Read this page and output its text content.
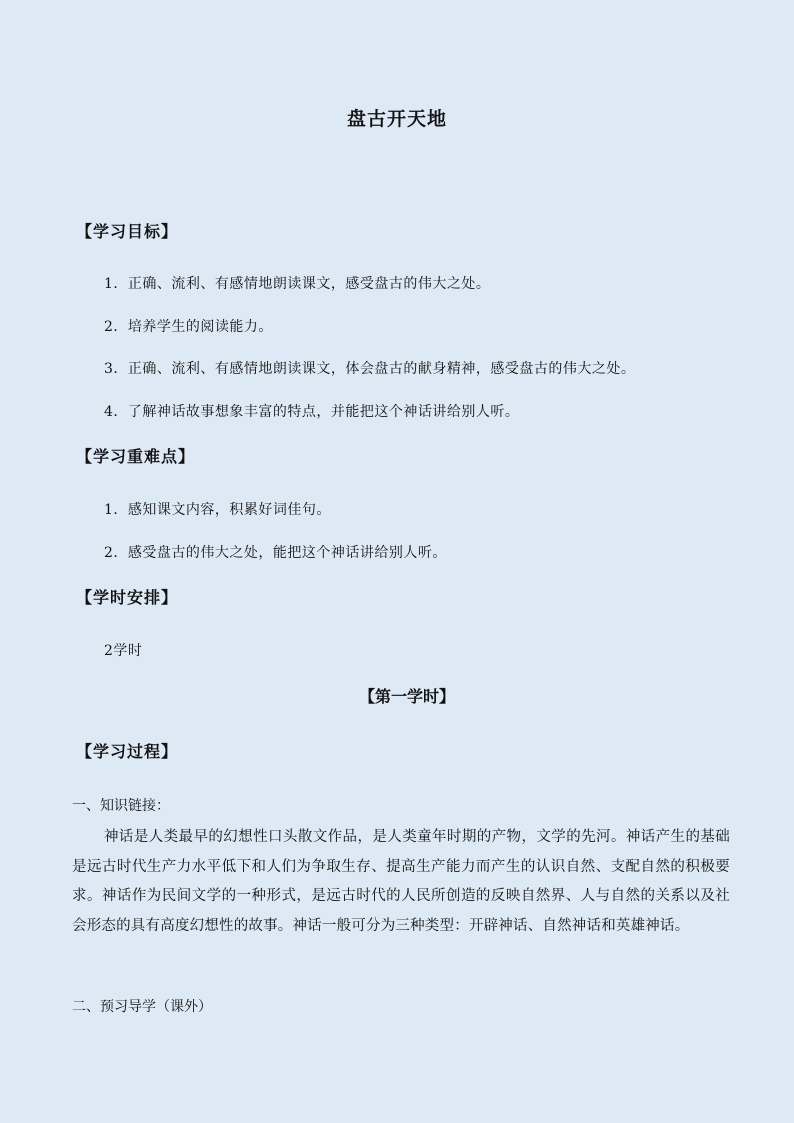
盘古开天地
【学习目标】
1．正确、流利、有感情地朗读课文，感受盘古的伟大之处。
2．培养学生的阅读能力。
3．正确、流利、有感情地朗读课文，体会盘古的献身精神，感受盘古的伟大之处。
4．了解神话故事想象丰富的特点，并能把这个神话讲给别人听。
【学习重难点】
1．感知课文内容，积累好词佳句。
2．感受盘古的伟大之处，能把这个神话讲给别人听。
【学时安排】
2学时
【第一学时】
【学习过程】
一、知识链接：
神话是人类最早的幻想性口头散文作品，是人类童年时期的产物，文学的先河。神话产生的基础是远古时代生产力水平低下和人们为争取生存、提高生产能力而产生的认识自然、支配自然的积极要求。神话作为民间文学的一种形式，是远古时代的人民所创造的反映自然界、人与自然的关系以及社会形态的具有高度幻想性的故事。神话一般可分为三种类型：开辟神话、自然神话和英雄神话。
二、预习导学（课外）
